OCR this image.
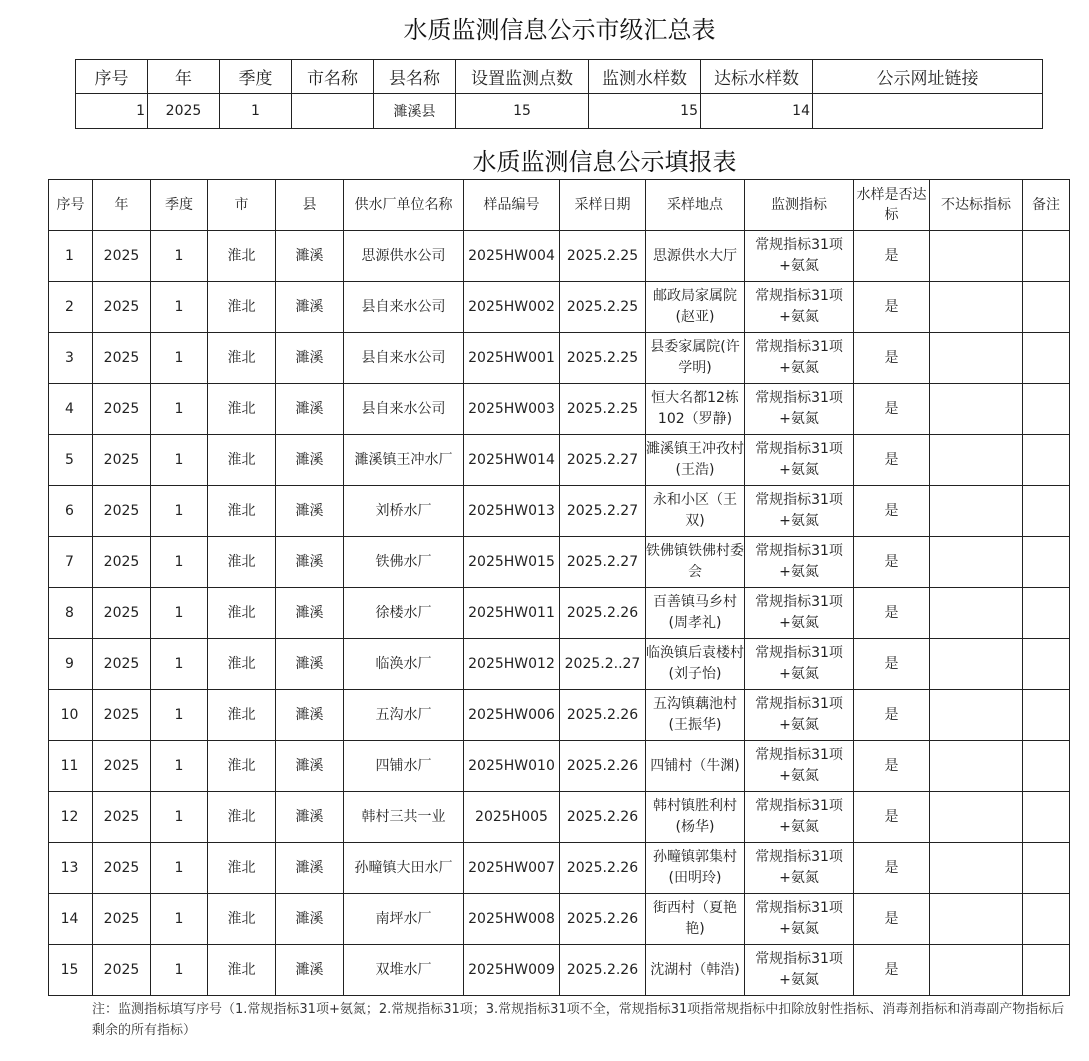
水质监测信息公示市级汇总表
序号	年	季度	市名称	县名称	设置监测点数	监测水样数	达标水样数	公示网址链接
1	2025	1		濉溪县	15	15	14	
水质监测信息公示填报表
序号	年	季度	市	县	供水厂单位名称	样品编号	采样日期	采样地点	监测指标	水样是否达标	不达标指标	备注
1	2025	1	淮北	濉溪	思源供水公司	2025HW004	2025.2.25	思源供水大厅	常规指标31项+氨氮	是		
2	2025	1	淮北	濉溪	县自来水公司	2025HW002	2025.2.25	邮政局家属院(赵亚)	常规指标31项+氨氮	是		
3	2025	1	淮北	濉溪	县自来水公司	2025HW001	2025.2.25	县委家属院(许学明)	常规指标31项+氨氮	是		
4	2025	1	淮北	濉溪	县自来水公司	2025HW003	2025.2.25	恒大名都12栋102（罗静)	常规指标31项+氨氮	是		
5	2025	1	淮北	濉溪	濉溪镇王冲水厂	2025HW014	2025.2.27	濉溪镇王冲孜村(王浩)	常规指标31项+氨氮	是		
6	2025	1	淮北	濉溪	刘桥水厂	2025HW013	2025.2.27	永和小区（王双)	常规指标31项+氨氮	是		
7	2025	1	淮北	濉溪	铁佛水厂	2025HW015	2025.2.27	铁佛镇铁佛村委会	常规指标31项+氨氮	是		
8	2025	1	淮北	濉溪	徐楼水厂	2025HW011	2025.2.26	百善镇马乡村(周孝礼)	常规指标31项+氨氮	是		
9	2025	1	淮北	濉溪	临涣水厂	2025HW012	2025.2..27	临涣镇后袁楼村(刘子怡)	常规指标31项+氨氮	是		
10	2025	1	淮北	濉溪	五沟水厂	2025HW006	2025.2.26	五沟镇藕池村(王振华)	常规指标31项+氨氮	是		
11	2025	1	淮北	濉溪	四铺水厂	2025HW010	2025.2.26	四铺村（牛渊)	常规指标31项+氨氮	是		
12	2025	1	淮北	濉溪	韩村三共一业	2025H005	2025.2.26	韩村镇胜利村(杨华)	常规指标31项+氨氮	是		
13	2025	1	淮北	濉溪	孙疃镇大田水厂	2025HW007	2025.2.26	孙疃镇郭集村(田明玲)	常规指标31项+氨氮	是		
14	2025	1	淮北	濉溪	南坪水厂	2025HW008	2025.2.26	街西村（夏艳艳)	常规指标31项+氨氮	是		
15	2025	1	淮北	濉溪	双堆水厂	2025HW009	2025.2.26	沈湖村（韩浩)	常规指标31项+氨氮	是		
注：监测指标填写序号（1.常规指标31项+氨氮；2.常规指标31项；3.常规指标31项不全，常规指标31项指常规指标中扣除放射性指标、消毒剂指标和消毒副产物指标后剩余的所有指标）
